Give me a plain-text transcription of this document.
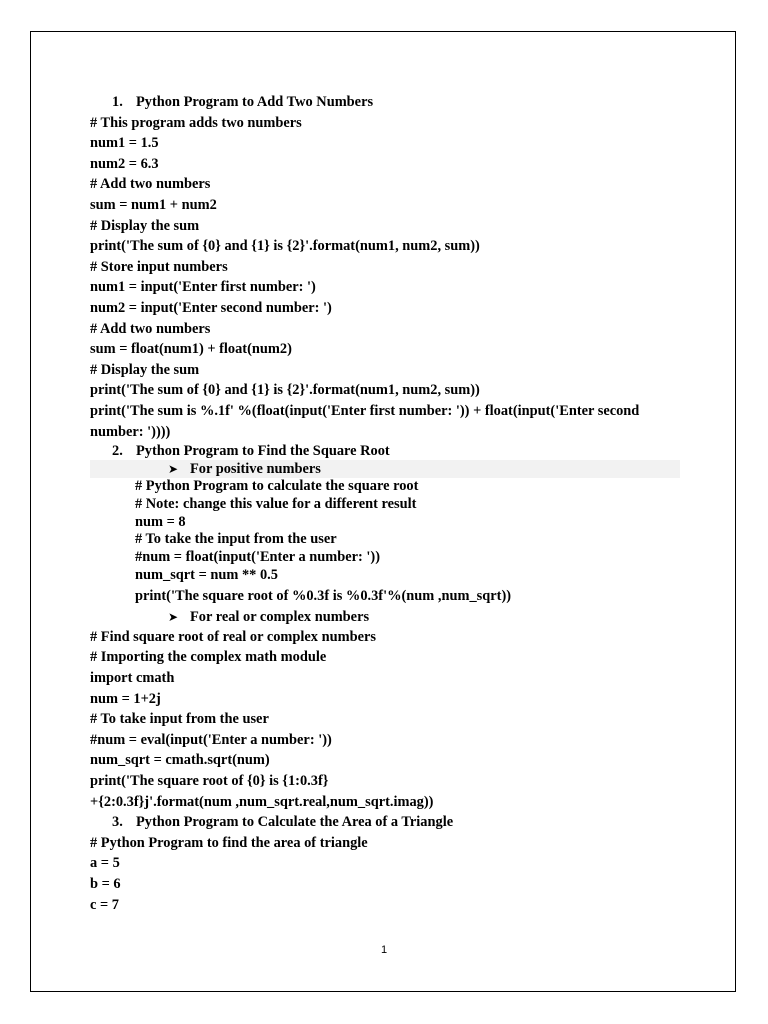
1. Python Program to Add Two Numbers
# This program adds two numbers
num1 = 1.5
num2 = 6.3
# Add two numbers
sum = num1 + num2
# Display the sum
print('The sum of {0} and {1} is {2}'.format(num1, num2, sum))
# Store input numbers
num1 = input('Enter first number: ')
num2 = input('Enter second number: ')
# Add two numbers
sum = float(num1) + float(num2)
# Display the sum
print('The sum of {0} and {1} is {2}'.format(num1, num2, sum))
print('The sum is %.1f' %(float(input('Enter first number: ')) + float(input('Enter second number: '))))
2. Python Program to Find the Square Root
➤ For positive numbers
# Python Program to calculate the square root
# Note: change this value for a different result
num = 8
# To take the input from the user
#num = float(input('Enter a number: '))
num_sqrt = num ** 0.5
print('The square root of %0.3f is %0.3f'%(num ,num_sqrt))
➤ For real or complex numbers
# Find square root of real or complex numbers
# Importing the complex math module
import cmath
num = 1+2j
# To take input from the user
#num = eval(input('Enter a number: '))
num_sqrt = cmath.sqrt(num)
print('The square root of {0} is {1:0.3f}
+{2:0.3f}j'.format(num ,num_sqrt.real,num_sqrt.imag))
3. Python Program to Calculate the Area of a Triangle
# Python Program to find the area of triangle
a = 5
b = 6
c = 7
1
